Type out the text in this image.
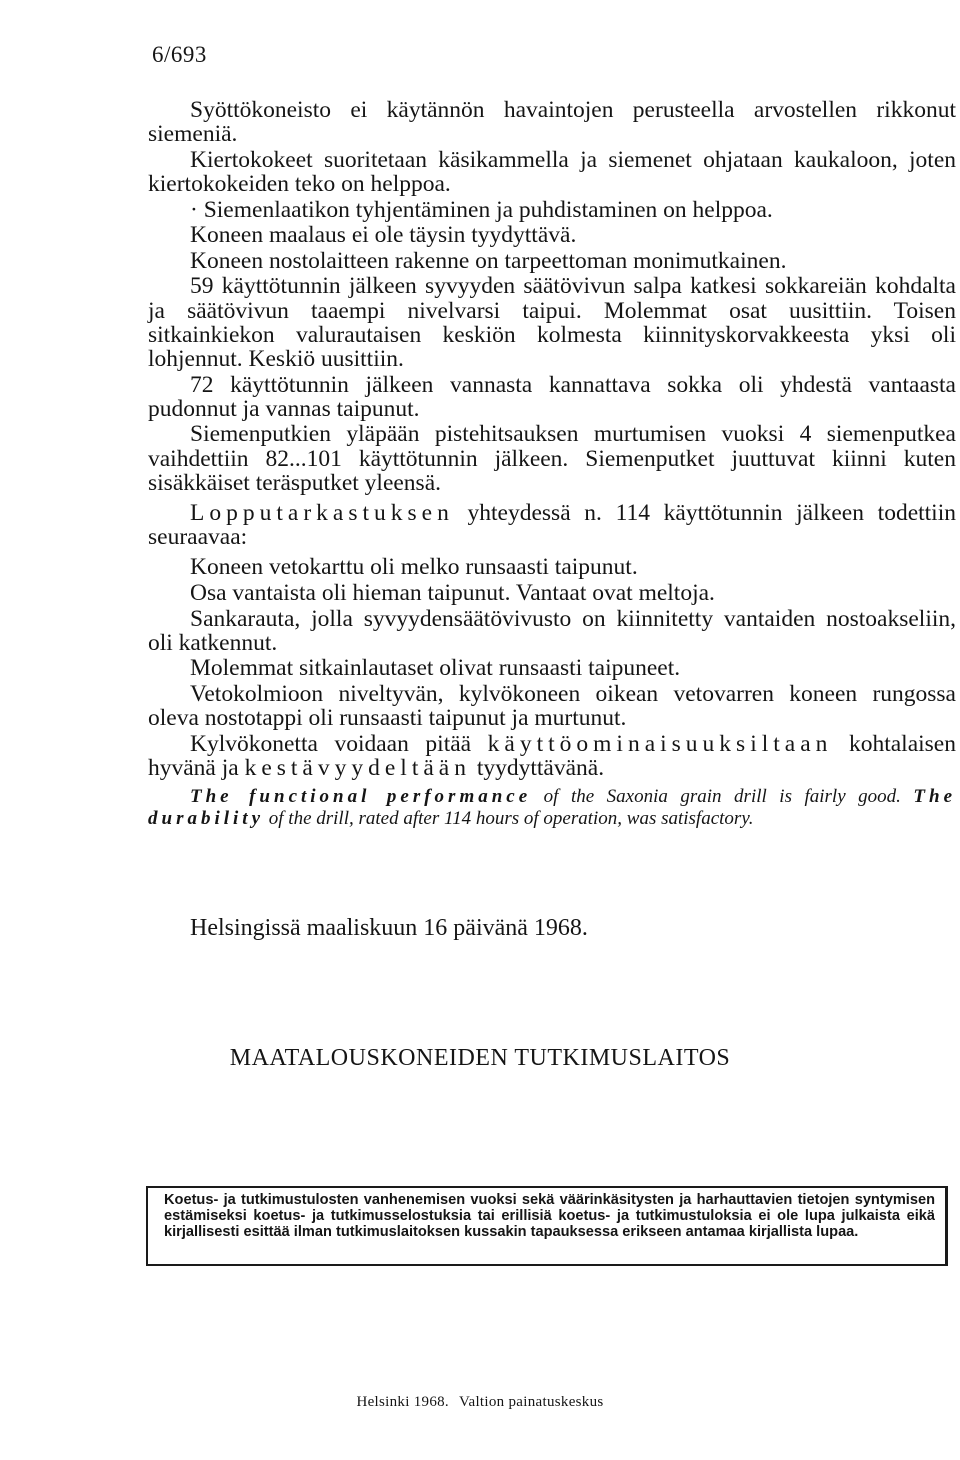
6/693

Syöttökoneisto ei käytännön havaintojen perusteella arvostellen rikkonut siemeniä.

Kiertokokeet suoritetaan käsikammella ja siemenet ohjataan kaukaloon, joten kiertokokeiden teko on helppoa.

· Siemenlaatikon tyhjentäminen ja puhdistaminen on helppoa.

Koneen maalaus ei ole täysin tyydyttävä.

Koneen nostolaitteen rakenne on tarpeettoman monimutkainen.

59 käyttötunnin jälkeen syvyyden säätövivun salpa katkesi sokkareiän kohdalta ja säätövivun taaempi nivelvarsi taipui. Molemmat osat uusittiin. Toisen sitkainkiekon valurautaisen keskiön kolmesta kiinnityskorvakkeesta yksi oli lohjennut. Keskiö uusittiin.

72 käyttötunnin jälkeen vannasta kannattava sokka oli yhdestä vantaasta pudonnut ja vannas taipunut.

Siemenputkien yläpään pistehitsauksen murtumisen vuoksi 4 siemenputkea vaihdettiin 82...101 käyttötunnin jälkeen. Siemenputket juuttuvat kiinni kuten sisäkkäiset teräsputket yleensä.

Lopputarkastuksen yhteydessä n. 114 käyttötunnin jälkeen todettiin seuraavaa:

Koneen vetokarttu oli melko runsaasti taipunut.

Osa vantaista oli hieman taipunut. Vantaat ovat meltoja.

Sankarauta, jolla syvyydensäätövivusto on kiinnitetty vantaiden nostoakseliin, oli katkennut.

Molemmat sitkainlautaset olivat runsaasti taipuneet.

Vetokolmioon niveltyvän, kylvökoneen oikean vetovarren koneen rungossa oleva nostotappi oli runsaasti taipunut ja murtunut.

Kylvökonetta voidaan pitää käyttöominaisuuksiltaan kohtalaisen hyvänä ja kestävyydeltään tyydyttävänä.

The functional performance of the Saxonia grain drill is fairly good. The durability of the drill, rated after 114 hours of operation, was satisfactory.
Helsingissä maaliskuun 16 päivänä 1968.
MAATALOUSKONEIDEN TUTKIMUSLAITOS
Koetus- ja tutkimustulosten vanhenemisen vuoksi sekä väärinkäsitysten ja harhauttavien tietojen syntymisen estämiseksi koetus- ja tutkimusselostuksia tai erillisiä koetus- ja tutkimustuloksia ei ole lupa julkaista eikä kirjallisesti esittää ilman tutkimuslaitoksen kussakin tapauksessa erikseen antamaa kirjallista lupaa.
Helsinki 1968. Valtion painatuskeskus
